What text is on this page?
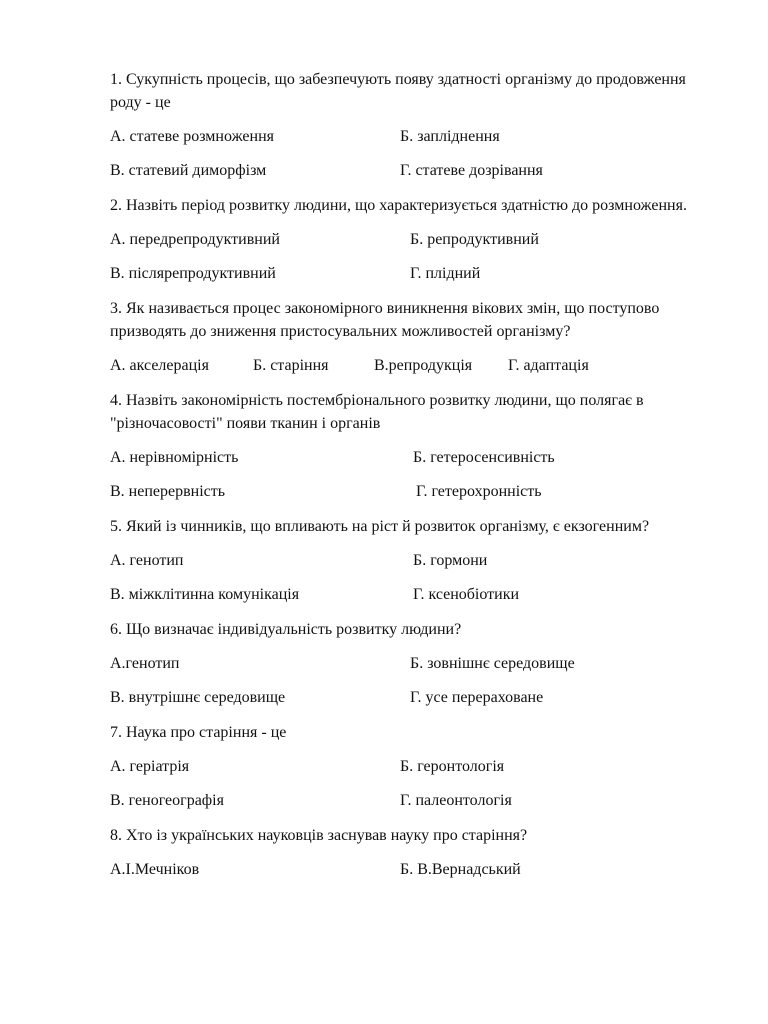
1. Сукупність процесів, що забезпечують появу здатності організму до продовження роду - це

А. статеве розмноження	Б. запліднення
В. статевий диморфізм	Г. статеве дозрівання

2. Назвіть період розвитку людини, що характеризується здатністю до розмноження.

А. передрепродуктивний	Б. репродуктивний
В. післярепродуктивний	Г. плідний

3. Як називається процес закономірного виникнення вікових змін, що поступово призводять до зниження пристосувальних можливостей організму?

А. акселерація	Б. старіння	В.репродукція Г. адаптація

4. Назвіть закономірність постембріонального розвитку людини, що полягає в "різночасовості" появи тканин і органів

А. нерівномірність	Б. гетеросенсивність
В. неперервність	Г. гетерохронність

5. Який із чинників, що впливають на ріст й розвиток організму, є екзогенним?

А. генотип	Б. гормони
В. міжклітинна комунікація	Г. ксенобіотики

6. Що визначає індивідуальність розвитку людини?

А.генотип	Б. зовнішнє середовище
В. внутрішнє середовище	Г. усе перераховане

7. Наука про старіння - це

А. геріатрія	Б. геронтологія
В. геногеографія	Г. палеонтологія

8. Хто із українських науковців заснував науку про старіння?

А.І.Мечніков	Б. В.Вернадський
